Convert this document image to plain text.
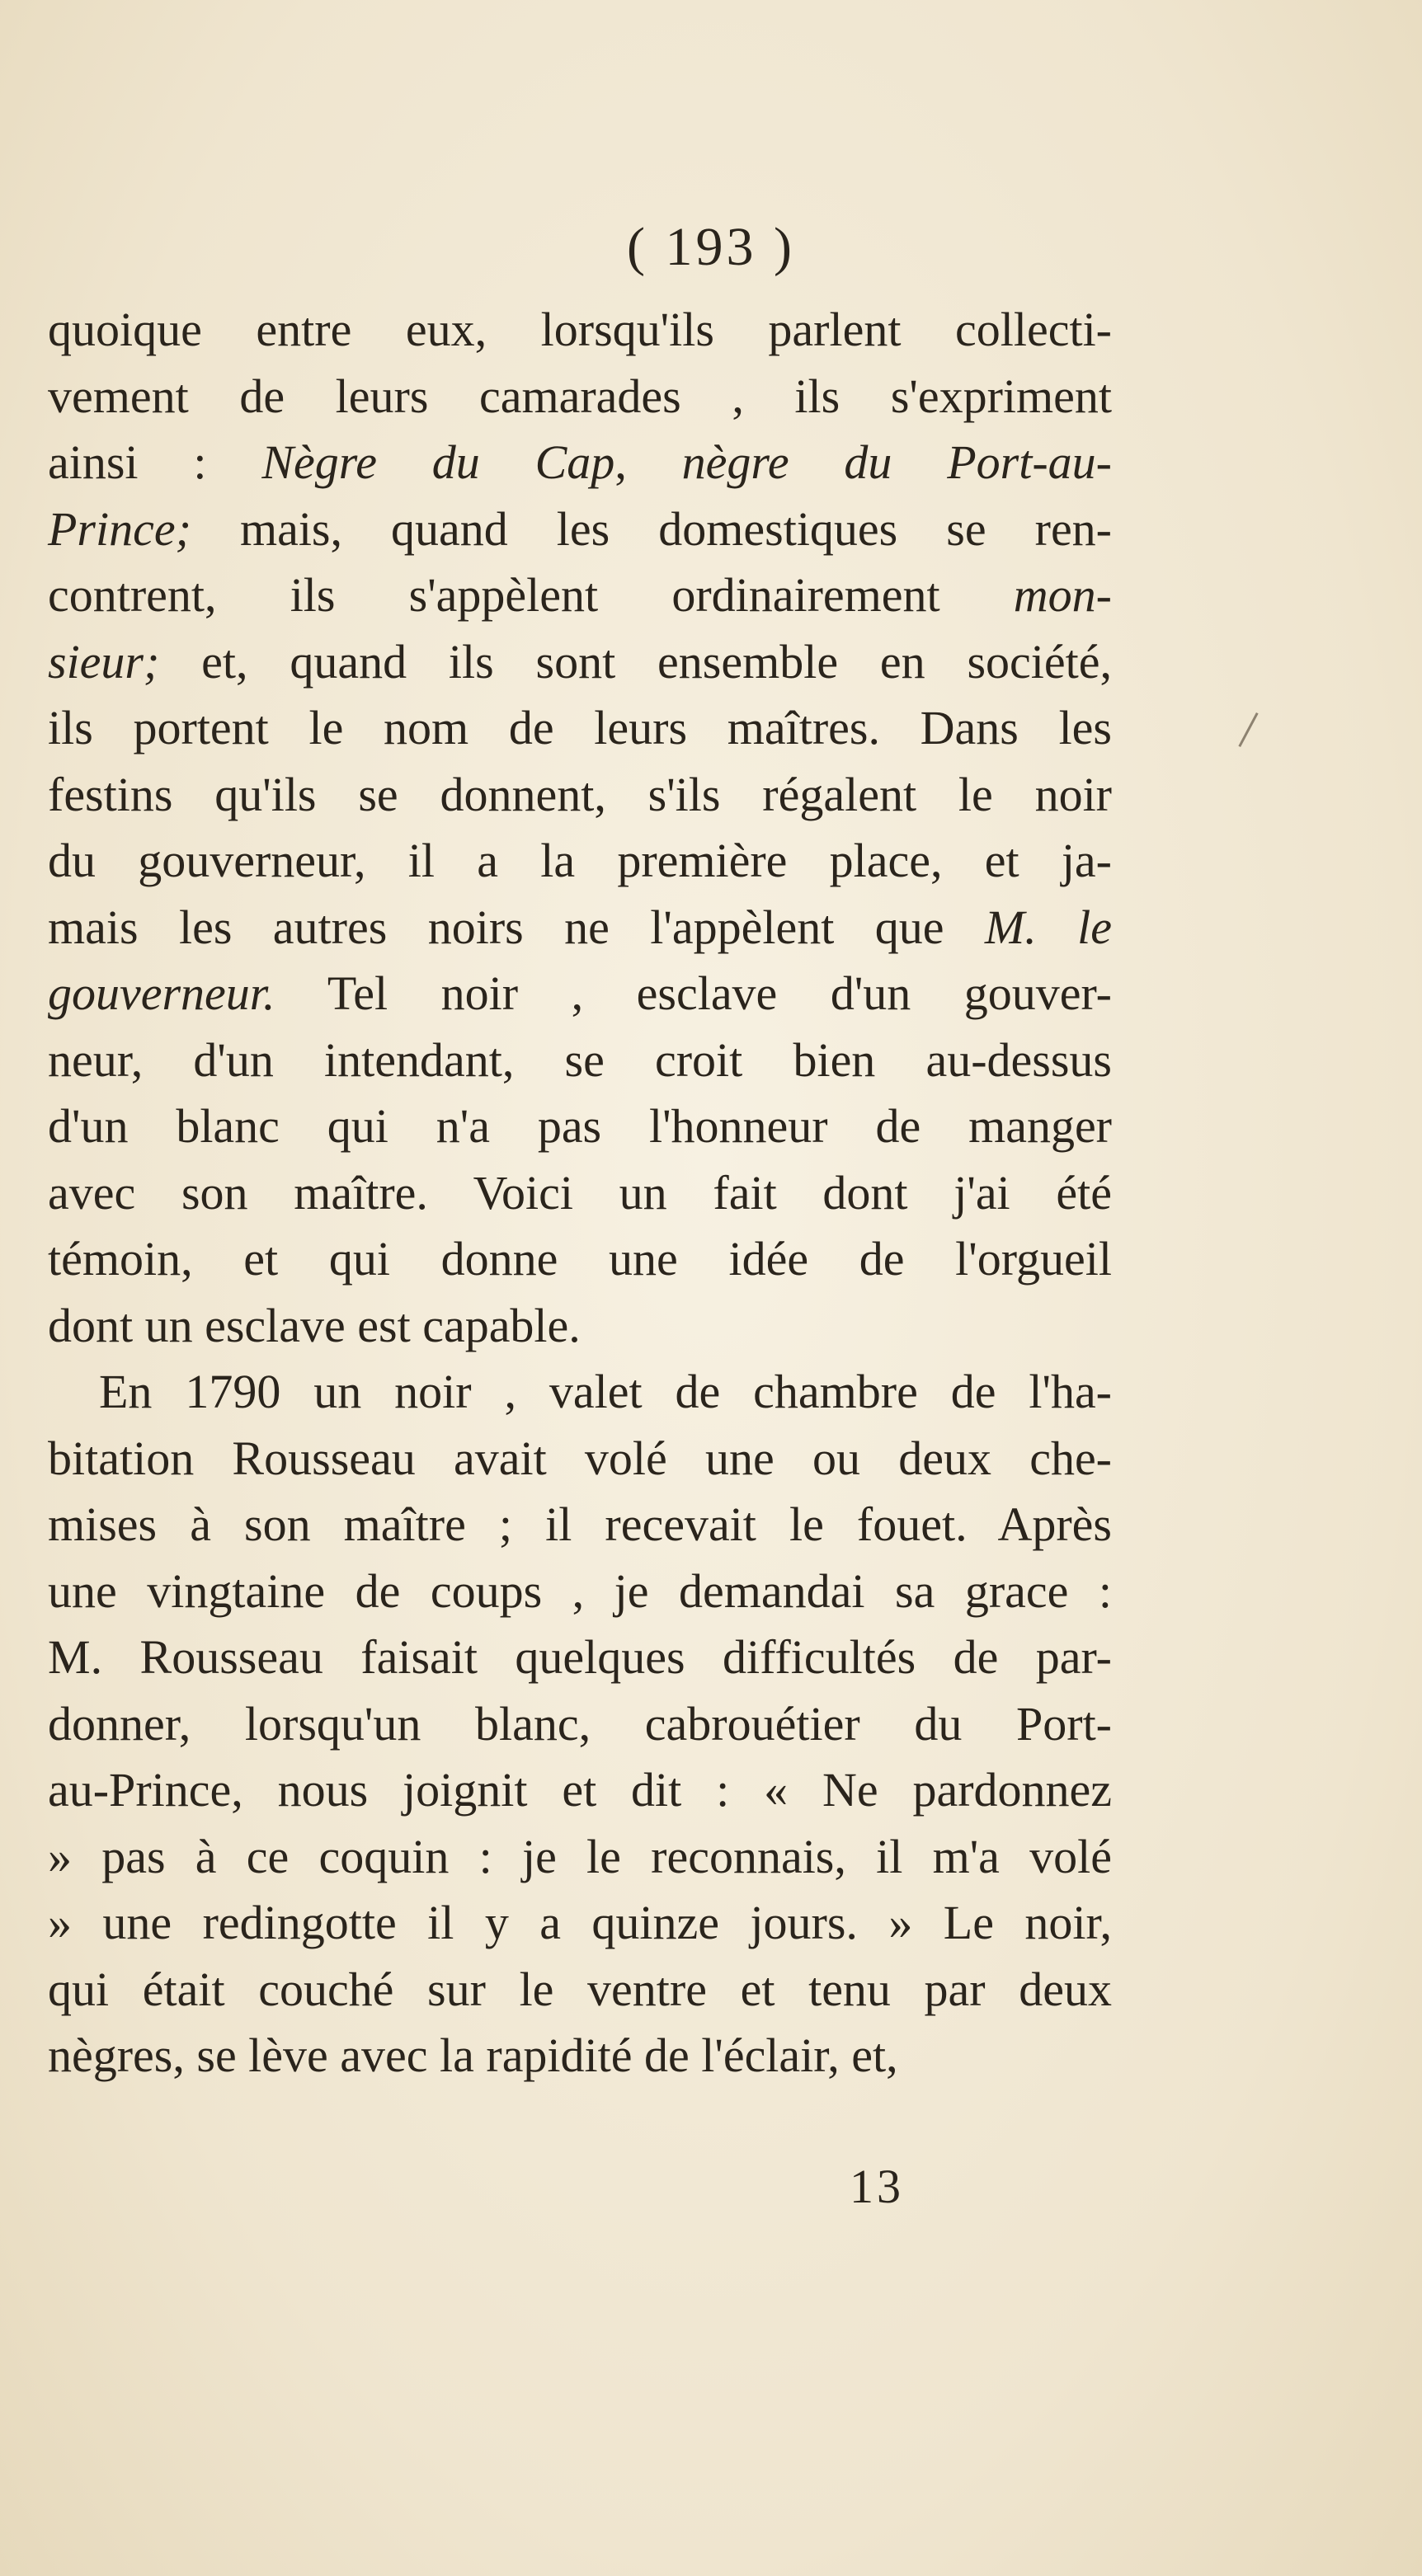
( 193 )
quoique entre eux, lorsqu'ils parlent collecti-
vement de leurs camarades , ils s'expriment
ainsi : Nègre du Cap, nègre du Port-au-
Prince; mais, quand les domestiques se ren-
contrent, ils s'appèlent ordinairement mon-
sieur; et, quand ils sont ensemble en société,
ils portent le nom de leurs maîtres. Dans les
festins qu'ils se donnent, s'ils régalent le noir
du gouverneur, il a la première place, et ja-
mais les autres noirs ne l'appèlent que M. le
gouverneur. Tel noir , esclave d'un gouver-
neur, d'un intendant, se croit bien au-dessus
d'un blanc qui n'a pas l'honneur de manger
avec son maître. Voici un fait dont j'ai été
témoin, et qui donne une idée de l'orgueil
dont un esclave est capable.
En 1790 un noir , valet de chambre de l'ha-
bitation Rousseau avait volé une ou deux che-
mises à son maître ; il recevait le fouet. Après
une vingtaine de coups , je demandai sa grace :
M. Rousseau faisait quelques difficultés de par-
donner, lorsqu'un blanc, cabrouétier du Port-
au-Prince, nous joignit et dit : « Ne pardonnez
» pas à ce coquin : je le reconnais, il m'a volé
» une redingotte il y a quinze jours. » Le noir,
qui était couché sur le ventre et tenu par deux
nègres, se lève avec la rapidité de l'éclair, et,
13
